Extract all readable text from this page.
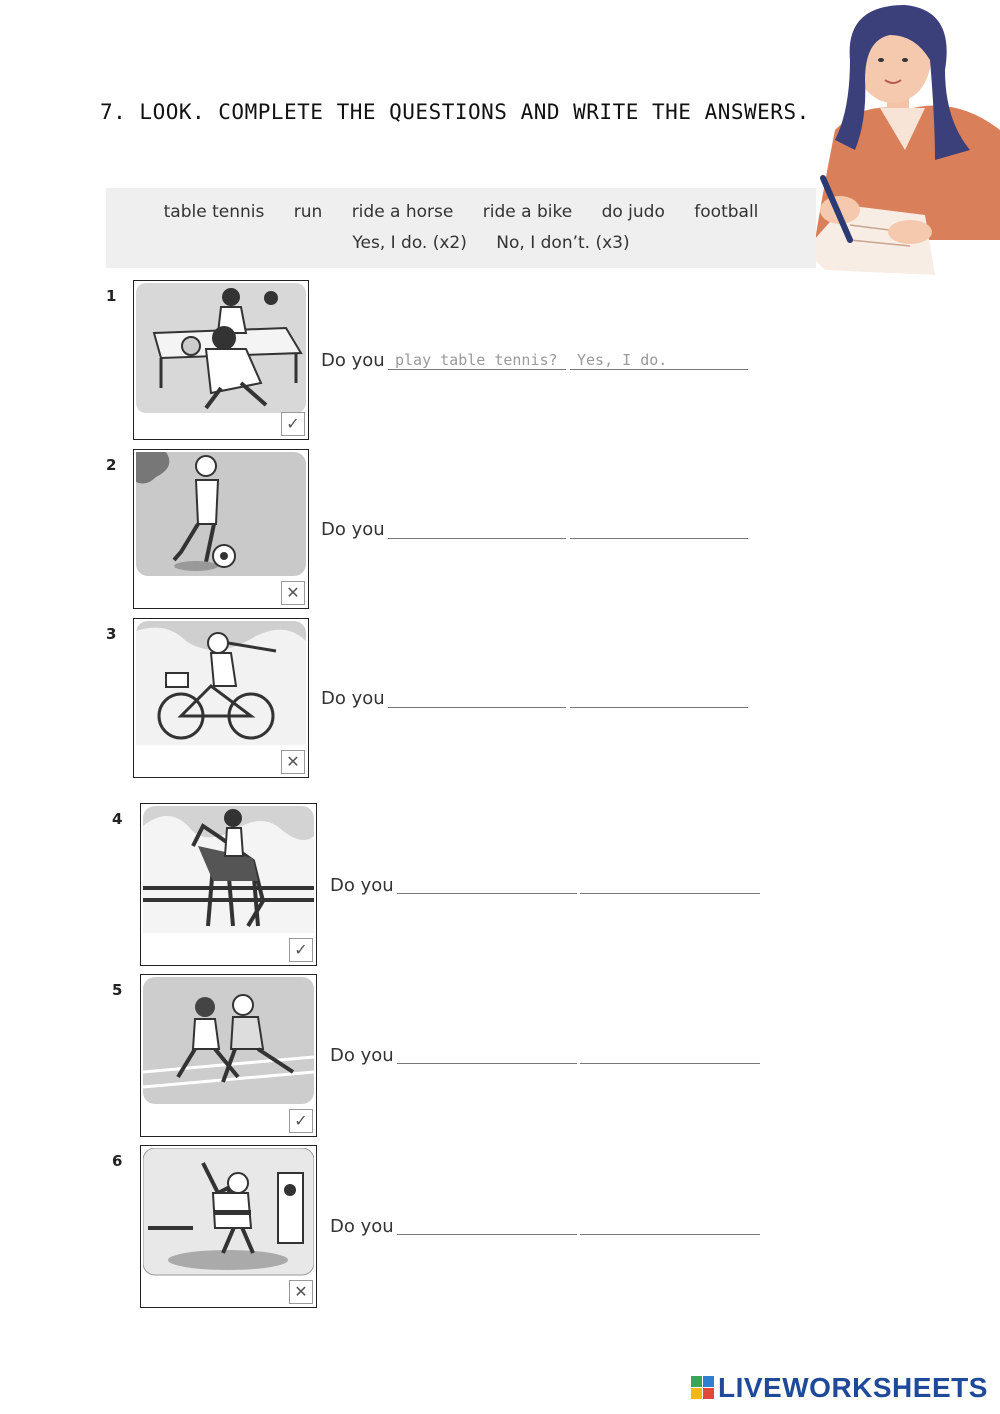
7. LOOK. COMPLETE THE QUESTIONS AND WRITE THE ANSWERS.
table tennis run ride a horse ride a bike do judo football
Yes, I do. (x2) No, I don’t. (x3)
1
✓
Do you play table tennis? Yes, I do.
2
✕
Do you
3
✕
Do you
4
✓
Do you
5
✓
Do you
6
✕
Do you
LIVEWORKSHEETS
